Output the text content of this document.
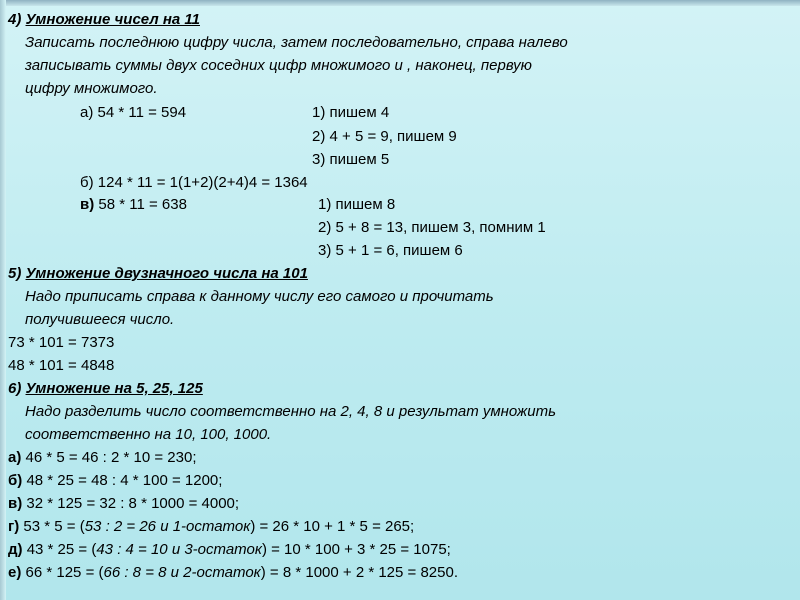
4) Умножение чисел на 11
Записать последнюю цифру числа, затем последовательно, справа налево
записывать суммы двух соседних цифр множимого и , наконец, первую
цифру множимого.
а) 54 * 11 = 594	1) пишем 4
2) 4 + 5 = 9, пишем 9
3) пишем 5
б) 124 * 11 = 1(1+2)(2+4)4 = 1364
в) 58 * 11 = 638	1) пишем 8
2) 5 + 8 = 13, пишем 3, помним 1
3) 5 + 1 = 6, пишем 6
5) Умножение двузначного числа на 101
Надо приписать справа к данному числу его самого и прочитать
получившееся число.
73 * 101 = 7373
48 * 101 = 4848
6) Умножение на 5, 25, 125
Надо разделить число соответственно на 2, 4, 8 и результат умножить
соответственно на 10, 100, 1000.
а) 46 * 5 = 46 : 2 * 10 = 230;
б) 48 * 25 = 48 : 4 * 100 = 1200;
в) 32 * 125 = 32 : 8 * 1000 = 4000;
г) 53 * 5 = (53 : 2 = 26 и 1-остаток) = 26 * 10 + 1 * 5 = 265;
д) 43 * 25 = (43 : 4 = 10 и 3-остаток) = 10 * 100 + 3 * 25 = 1075;
е) 66 * 125 = (66 : 8 = 8 и 2-остаток) = 8 * 1000 + 2 * 125 = 8250.
